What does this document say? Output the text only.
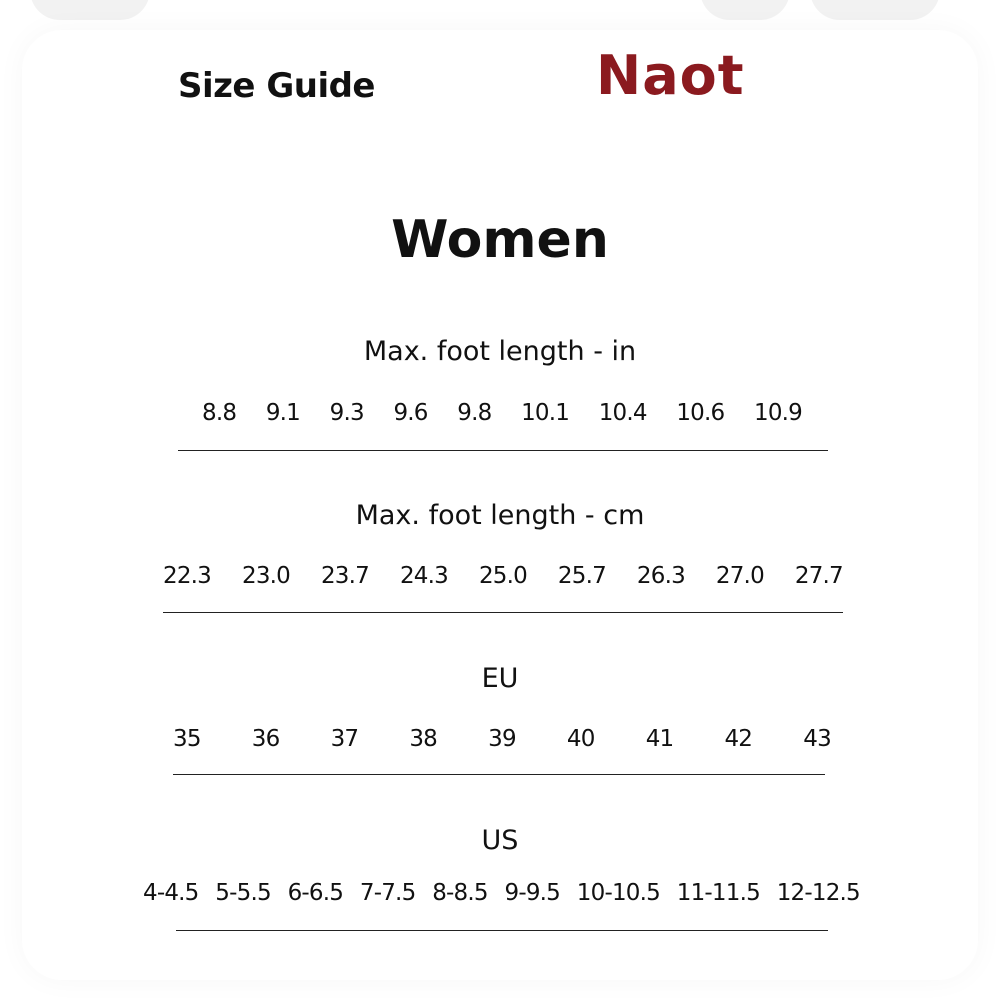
Size Guide	Naot
Women
Max. foot length - in
8.8 9.1 9.3 9.6 9.8 10.1 10.4 10.6 10.9
Max. foot length - cm
22.3 23.0 23.7 24.3 25.0 25.7 26.3 27.0 27.7
EU
35 36 37 38 39 40 41 42 43
US
4-4.5 5-5.5 6-6.5 7-7.5 8-8.5 9-9.5 10-10.5 11-11.5 12-12.5
